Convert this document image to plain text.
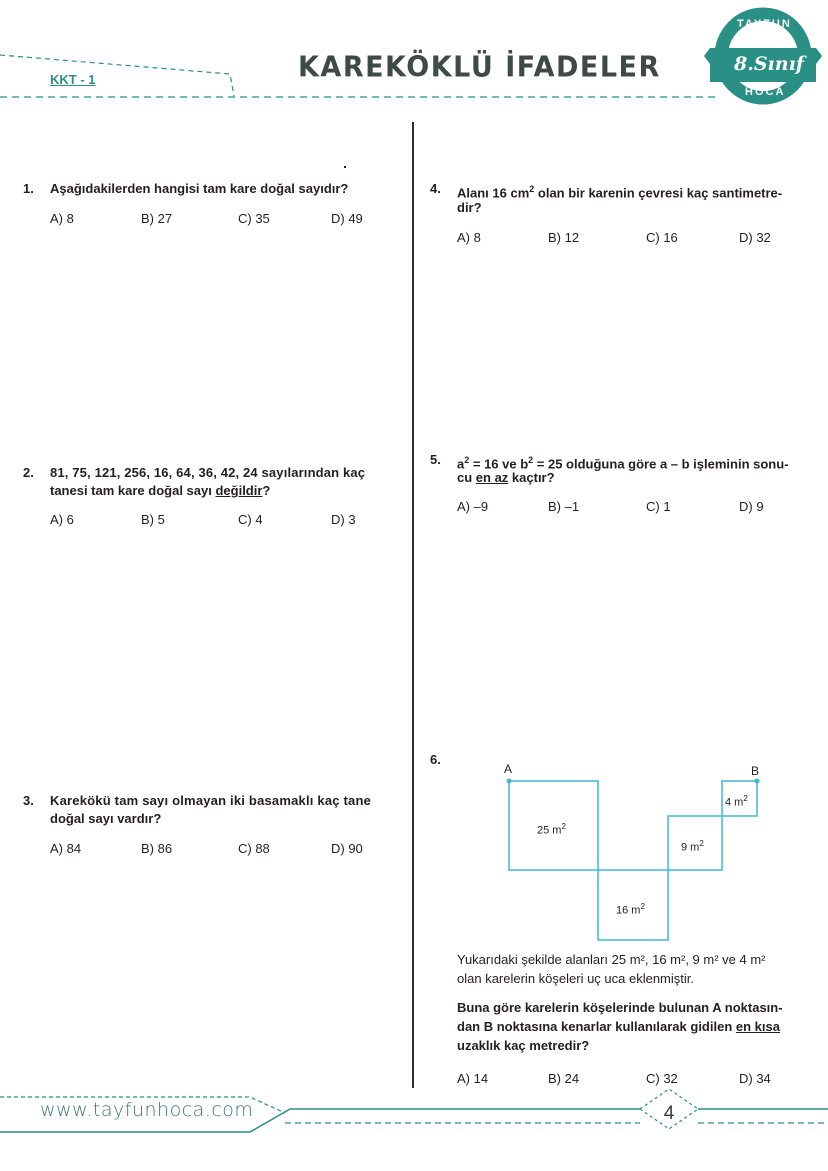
KKT - 1	KAREKÖKLÜ İFADELER
TAYFUN
8.Sınıf
HOCA
1. Aşağıdakilerden hangisi tam kare doğal sayıdır?
A) 8	B) 27	C) 35	D) 49
2. 81, 75, 121, 256, 16, 64, 36, 42, 24 sayılarından kaç
tanesi tam kare doğal sayı değildir?
A) 6	B) 5	C) 4	D) 3
3. Karekökü tam sayı olmayan iki basamaklı kaç tane
doğal sayı vardır?
A) 84	B) 86	C) 88	D) 90
4. Alanı 16 $cm^2$ olan bir karenin çevresi kaç santimetre-
dir?
A) 8	B) 12	C) 16	D) 32
5. $a^2 = 16$ ve $b^2 = 25$ olduğuna göre a – b işleminin sonu-
cu en az kaçtır?
A) –9	B) –1	C) 1	D) 9
6.
A	B
25 $m^2$
16 $m^2$
9 $m^2$
4 $m^2$
Yukarıdaki şekilde alanları 25 m², 16 m², 9 m² ve 4 m²
olan karelerin köşeleri uç uca eklenmiştir.
Buna göre karelerin köşelerinde bulunan A noktasın-
dan B noktasına kenarlar kullanılarak gidilen en kısa
uzaklık kaç metredir?
A) 14	B) 24	C) 32	D) 34
www.tayfunhoca.com	4
